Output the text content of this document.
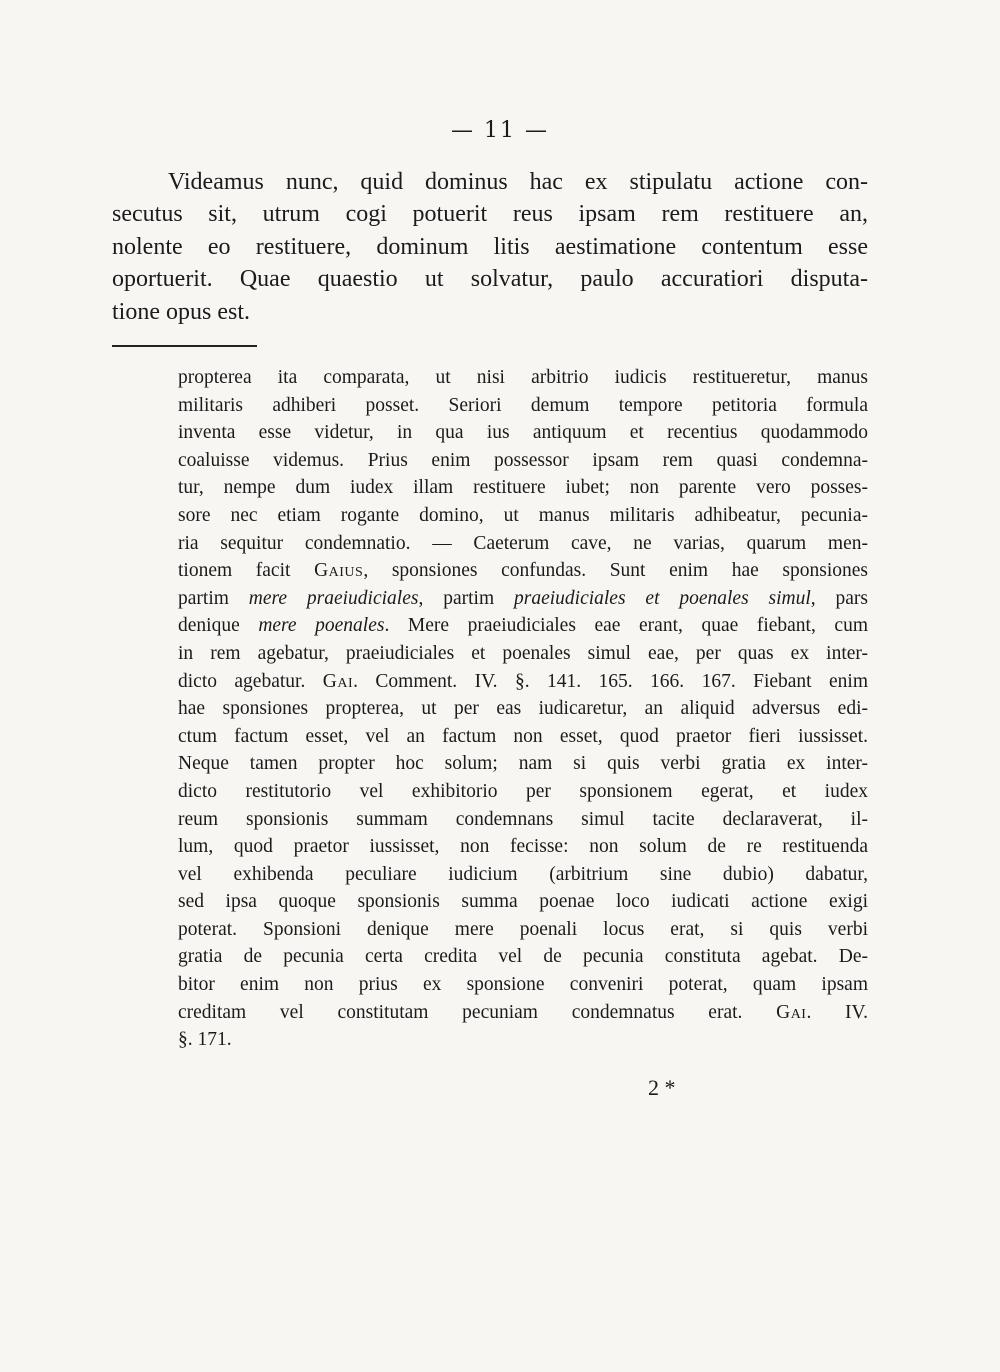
— 11 —
Videamus nunc, quid dominus hac ex stipulatu actione con-
secutus sit, utrum cogi potuerit reus ipsam rem restituere an,
nolente eo restituere, dominum litis aestimatione contentum esse
oportuerit. Quae quaestio ut solvatur, paulo accuratiori disputa-
tione opus est.
propterea ita comparata, ut nisi arbitrio iudicis restitueretur, manus
militaris adhiberi posset. Seriori demum tempore petitoria formula
inventa esse videtur, in qua ius antiquum et recentius quodammodo
coaluisse videmus. Prius enim possessor ipsam rem quasi condemna-
tur, nempe dum iudex illam restituere iubet; non parente vero posses-
sore nec etiam rogante domino, ut manus militaris adhibeatur, pecunia-
ria sequitur condemnatio. — Caeterum cave, ne varias, quarum men-
tionem facit Gaius, sponsiones confundas. Sunt enim hae sponsiones
partim mere praeiudiciales, partim praeiudiciales et poenales simul, pars
denique mere poenales. Mere praeiudiciales eae erant, quae fiebant, cum
in rem agebatur, praeiudiciales et poenales simul eae, per quas ex inter-
dicto agebatur. Gai. Comment. IV. §. 141. 165. 166. 167. Fiebant enim
hae sponsiones propterea, ut per eas iudicaretur, an aliquid adversus edi-
ctum factum esset, vel an factum non esset, quod praetor fieri iussisset.
Neque tamen propter hoc solum; nam si quis verbi gratia ex inter-
dicto restitutorio vel exhibitorio per sponsionem egerat, et iudex
reum sponsionis summam condemnans simul tacite declaraverat, il-
lum, quod praetor iussisset, non fecisse: non solum de re restituenda
vel exhibenda peculiare iudicium (arbitrium sine dubio) dabatur,
sed ipsa quoque sponsionis summa poenae loco iudicati actione exigi
poterat. Sponsioni denique mere poenali locus erat, si quis verbi
gratia de pecunia certa credita vel de pecunia constituta agebat. De-
bitor enim non prius ex sponsione conveniri poterat, quam ipsam
creditam vel constitutam pecuniam condemnatus erat. Gai. IV.
§. 171.
2 *
